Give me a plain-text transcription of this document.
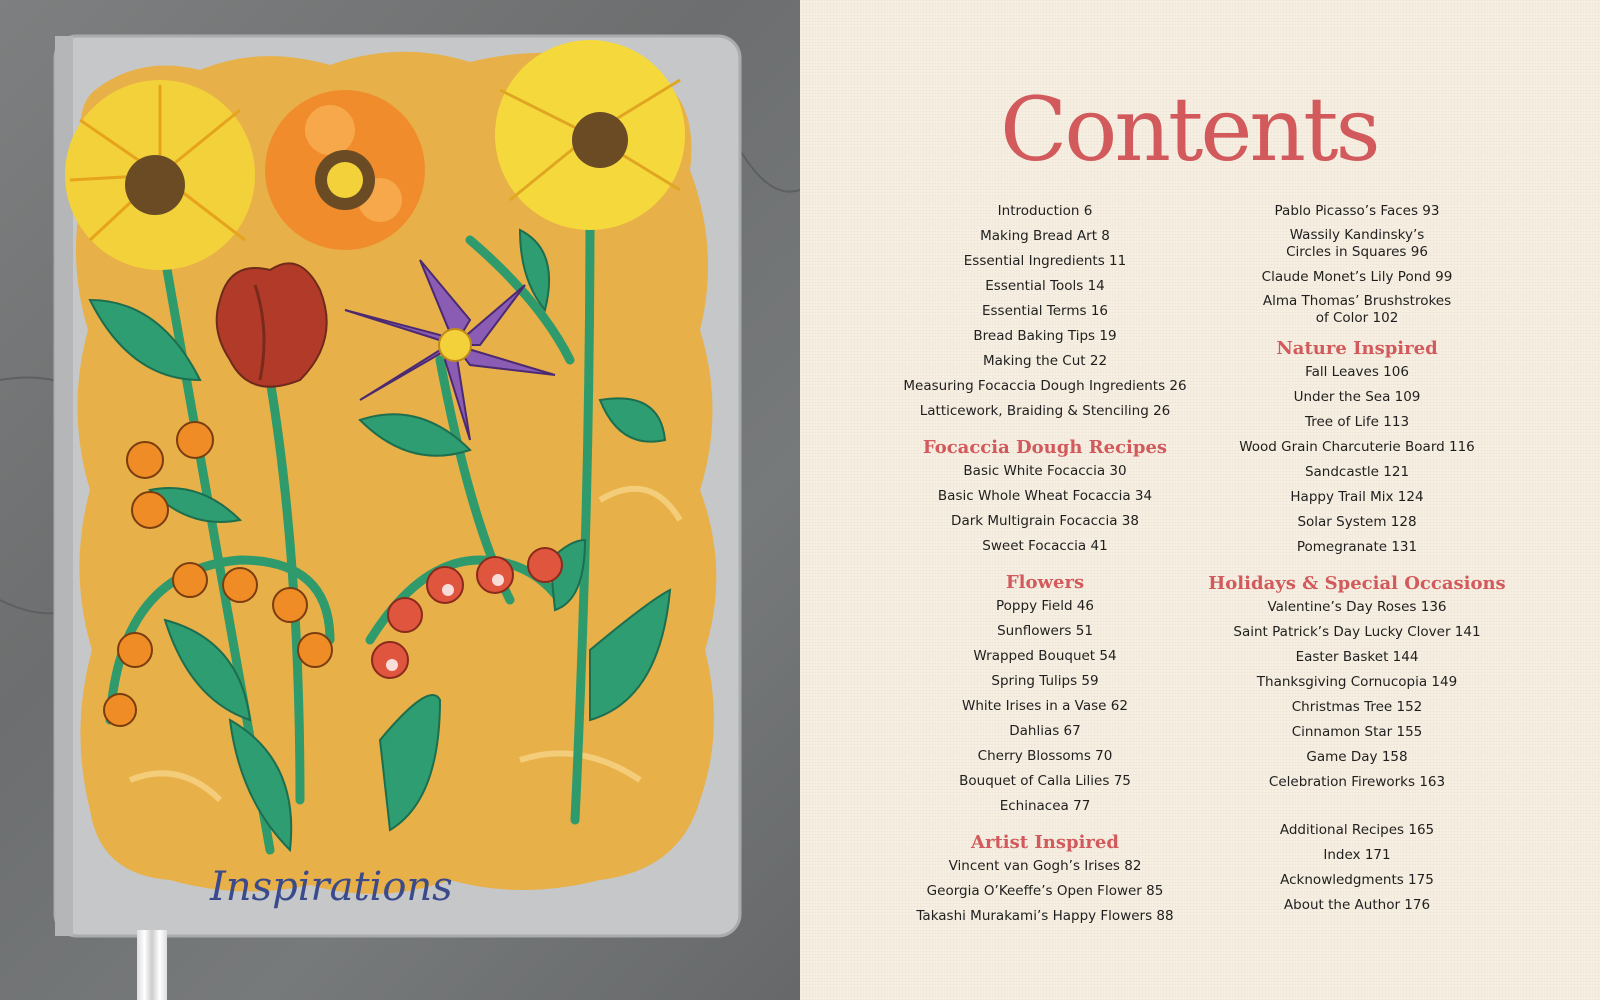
Inspirations
Contents
Introduction 6
Making Bread Art 8
Essential Ingredients 11
Essential Tools 14
Essential Terms 16
Bread Baking Tips 19
Making the Cut 22
Measuring Focaccia Dough Ingredients 26
Latticework, Braiding & Stenciling 26
Focaccia Dough Recipes
Basic White Focaccia 30
Basic Whole Wheat Focaccia 34
Dark Multigrain Focaccia 38
Sweet Focaccia 41
Flowers
Poppy Field 46
Sunflowers 51
Wrapped Bouquet 54
Spring Tulips 59
White Irises in a Vase 62
Dahlias 67
Cherry Blossoms 70
Bouquet of Calla Lilies 75
Echinacea 77
Artist Inspired
Vincent van Gogh’s Irises 82
Georgia O’Keeffe’s Open Flower 85
Takashi Murakami’s Happy Flowers 88
Pablo Picasso’s Faces 93
Wassily Kandinsky’s
Circles in Squares 96
Claude Monet’s Lily Pond 99
Alma Thomas’ Brushstrokes
of Color 102
Nature Inspired
Fall Leaves 106
Under the Sea 109
Tree of Life 113
Wood Grain Charcuterie Board 116
Sandcastle 121
Happy Trail Mix 124
Solar System 128
Pomegranate 131
Holidays & Special Occasions
Valentine’s Day Roses 136
Saint Patrick’s Day Lucky Clover 141
Easter Basket 144
Thanksgiving Cornucopia 149
Christmas Tree 152
Cinnamon Star 155
Game Day 158
Celebration Fireworks 163
Additional Recipes 165
Index 171
Acknowledgments 175
About the Author 176
